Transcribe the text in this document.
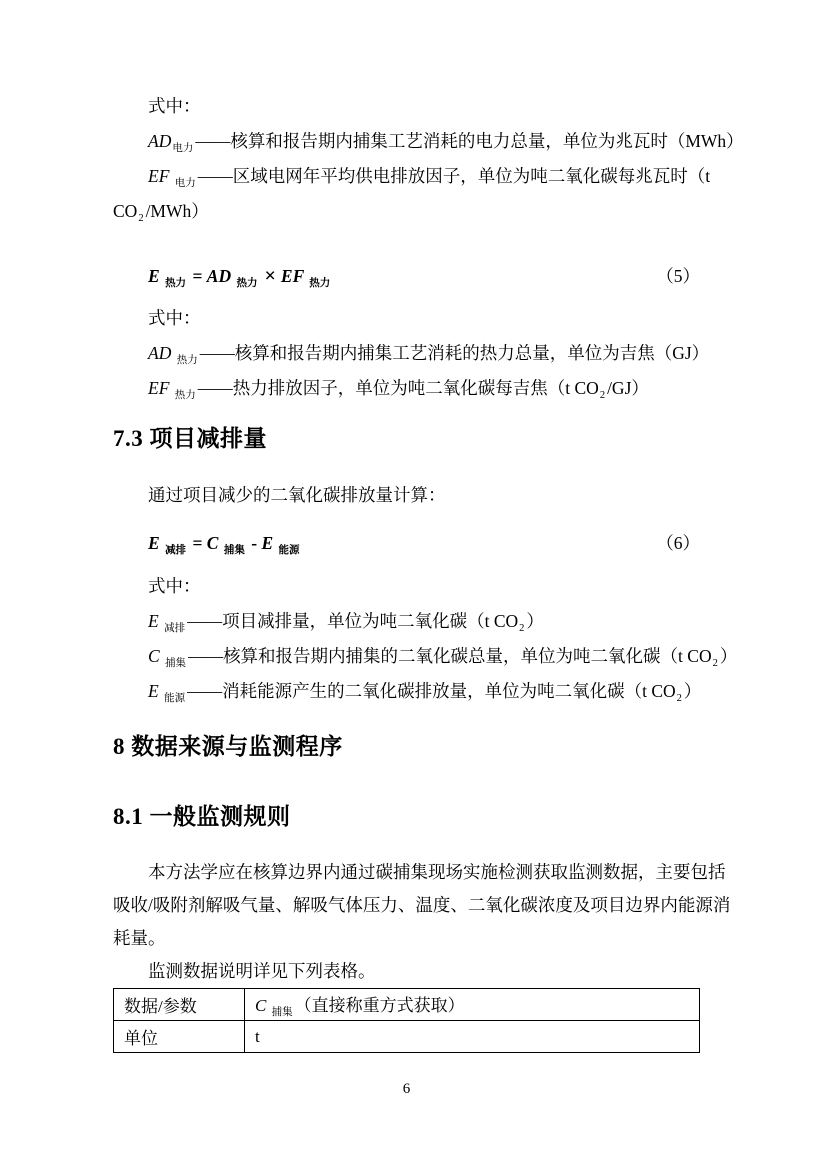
式中：

$AD_{电力}$ ——核算和报告期内捕集工艺消耗的电力总量，单位为兆瓦时（MWh）

EF $_{电力}$ ——区域电网年平均供电排放因子，单位为吨二氧化碳每兆瓦时（t

$CO_2$ /MWh）

E $_{热力}$ = AD $_{热力}$ × EF $_{热力}$	（5）

式中：

AD $_{热力}$ ——核算和报告期内捕集工艺消耗的热力总量，单位为吉焦（GJ）

EF $_{热力}$ ——热力排放因子，单位为吨二氧化碳每吉焦（t $CO_2$ /GJ）

7.3 项目减排量

通过项目减少的二氧化碳排放量计算：

E $_{减排}$ = C $_{捕集}$ - E $_{能源}$	（6）

式中：

E $_{减排}$ ——项目减排量，单位为吨二氧化碳（t $CO_2$ ）

C $_{捕集}$ ——核算和报告期内捕集的二氧化碳总量，单位为吨二氧化碳（t $CO_2$ ）

E $_{能源}$ ——消耗能源产生的二氧化碳排放量，单位为吨二氧化碳（t $CO_2$ ）

8 数据来源与监测程序
8.1 一般监测规则

本方法学应在核算边界内通过碳捕集现场实施检测获取监测数据，主要包括

吸收/吸附剂解吸气量、解吸气体压力、温度、二氧化碳浓度及项目边界内能源消

耗量。

监测数据说明详见下列表格。

数据/参数	C $_{捕集}$ （直接称重方式获取）
单位	t
6
